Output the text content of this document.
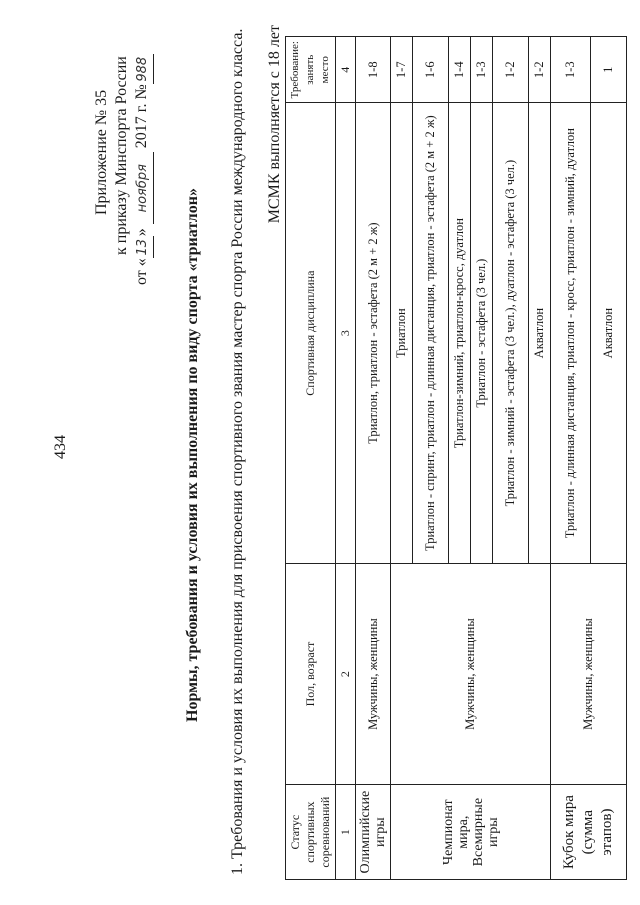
434
Приложение № 35 к приказу Минспорта России
от «13» ноября 2017 г. №988
Нормы, требования и условия их выполнения по виду спорта «триатлон» 1. Требования и условия их выполнения для присвоения спортивного звания мастер спорта России международного класса. МСМК выполняется с 18 лет
Статус спортивных соревнований	Пол, возраст	Спортивная дисциплина	Требование: занять место
1	2	3	4
Олимпийские игры	Мужчины, женщины	Триатлон, триатлон - эстафета (2 м + 2 ж)	1-8
Чемпионат мира, Всемирные игры	Мужчины, женщины	Триатлон	1-7
		Триатлон - спринт, триатлон - длинная дистанция, триатлон - эстафета (2 м + 2 ж)	1-6
		Триатлон-зимний, триатлон-кросс, дуатлон	1-4
		Триатлон - эстафета (3 чел.)	1-3
		Триатлон - зимний - эстафета (3 чел.), дуатлон - эстафета (3 чел.)	1-2
		Акватлон	1-2
Кубок мира (сумма этапов)	Мужчины, женщины	Триатлон - длинная дистанция, триатлон - кросс, триатлон - зимний, дуатлон	1-3
		Акватлон	1
